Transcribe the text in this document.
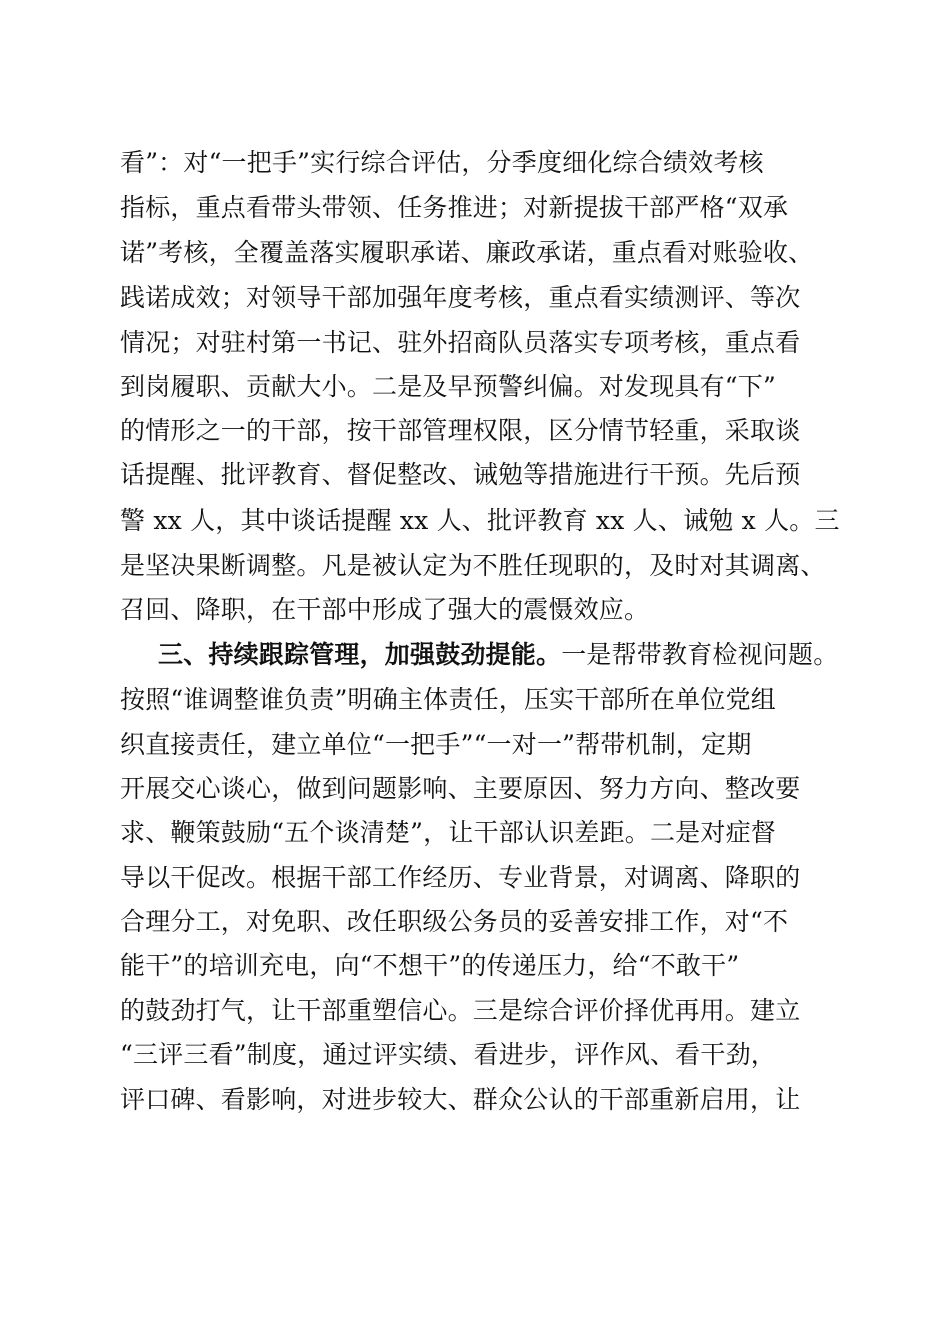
看”：对“一把手”实行综合评估，分季度细化综合绩效考核
指标，重点看带头带领、任务推进；对新提拔干部严格“双承
诺”考核，全覆盖落实履职承诺、廉政承诺，重点看对账验收、
践诺成效；对领导干部加强年度考核，重点看实绩测评、等次
情况；对驻村第一书记、驻外招商队员落实专项考核，重点看
到岗履职、贡献大小。二是及早预警纠偏。对发现具有“下”
的情形之一的干部，按干部管理权限，区分情节轻重，采取谈
话提醒、批评教育、督促整改、诫勉等措施进行干预。先后预
警 xx 人，其中谈话提醒 xx 人、批评教育 xx 人、诫勉 x 人。三
是坚决果断调整。凡是被认定为不胜任现职的，及时对其调离、
召回、降职，在干部中形成了强大的震慑效应。
三、持续跟踪管理，加强鼓劲提能。一是帮带教育检视问题。
按照“谁调整谁负责”明确主体责任，压实干部所在单位党组
织直接责任，建立单位“一把手”“一对一”帮带机制，定期
开展交心谈心，做到问题影响、主要原因、努力方向、整改要
求、鞭策鼓励“五个谈清楚”，让干部认识差距。二是对症督
导以干促改。根据干部工作经历、专业背景，对调离、降职的
合理分工，对免职、改任职级公务员的妥善安排工作，对“不
能干”的培训充电，向“不想干”的传递压力，给“不敢干”
的鼓劲打气，让干部重塑信心。三是综合评价择优再用。建立
“三评三看”制度，通过评实绩、看进步，评作风、看干劲，
评口碑、看影响，对进步较大、群众公认的干部重新启用，让
